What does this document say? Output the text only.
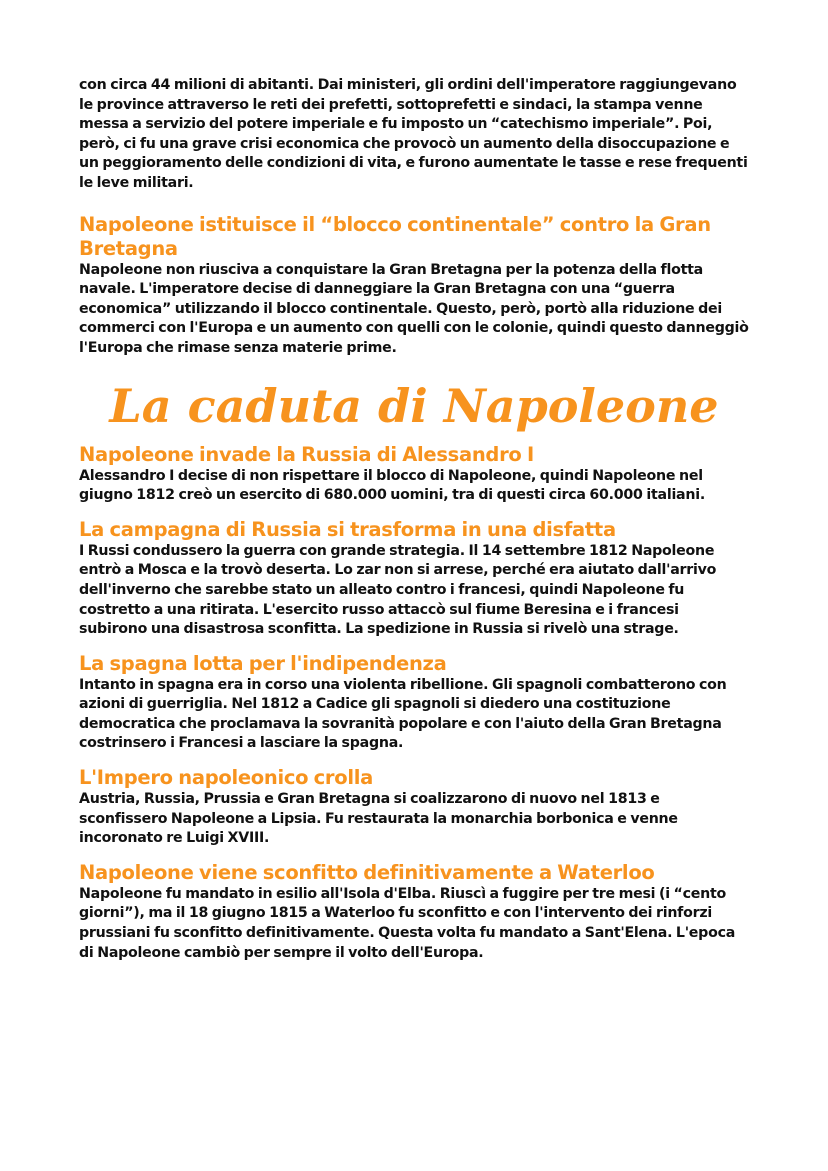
con circa 44 milioni di abitanti. Dai ministeri, gli ordini dell'imperatore raggiungevano le province attraverso le reti dei prefetti, sottoprefetti e sindaci, la stampa venne messa a servizio del potere imperiale e fu imposto un “catechismo imperiale”. Poi, però, ci fu una grave crisi economica che provocò un aumento della disoccupazione e un peggioramento delle condizioni di vita, e furono aumentate le tasse e rese frequenti le leve militari.

Napoleone istituisce il “blocco continentale” contro la Gran Bretagna

Napoleone non riusciva a conquistare la Gran Bretagna per la potenza della flotta navale. L'imperatore decise di danneggiare la Gran Bretagna con una “guerra economica” utilizzando il blocco continentale. Questo, però, portò alla riduzione dei commerci con l'Europa e un aumento con quelli con le colonie, quindi questo danneggiò l'Europa che rimase senza materie prime.

La caduta di Napoleone
Napoleone invade la Russia di Alessandro I

Alessandro I decise di non rispettare il blocco di Napoleone, quindi Napoleone nel giugno 1812 creò un esercito di 680.000 uomini, tra di questi circa 60.000 italiani.

La campagna di Russia si trasforma in una disfatta

I Russi condussero la guerra con grande strategia. Il 14 settembre 1812 Napoleone entrò a Mosca e la trovò deserta. Lo zar non si arrese, perché era aiutato dall'arrivo dell'inverno che sarebbe stato un alleato contro i francesi, quindi Napoleone fu costretto a una ritirata. L'esercito russo attaccò sul fiume Beresina e i francesi subirono una disastrosa sconfitta. La spedizione in Russia si rivelò una strage.

La spagna lotta per l'indipendenza

Intanto in spagna era in corso una violenta ribellione. Gli spagnoli combatterono con azioni di guerriglia. Nel 1812 a Cadice gli spagnoli si diedero una costituzione democratica che proclamava la sovranità popolare e con l'aiuto della Gran Bretagna costrinsero i Francesi a lasciare la spagna.

L'Impero napoleonico crolla

Austria, Russia, Prussia e Gran Bretagna si coalizzarono di nuovo nel 1813 e sconfissero Napoleone a Lipsia. Fu restaurata la monarchia borbonica e venne incoronato re Luigi XVIII.

Napoleone viene sconfitto definitivamente a Waterloo

Napoleone fu mandato in esilio all'Isola d'Elba. Riuscì a fuggire per tre mesi (i “cento giorni”), ma il 18 giugno 1815 a Waterloo fu sconfitto e con l'intervento dei rinforzi prussiani fu sconfitto definitivamente. Questa volta fu mandato a Sant'Elena. L'epoca di Napoleone cambiò per sempre il volto dell'Europa.
